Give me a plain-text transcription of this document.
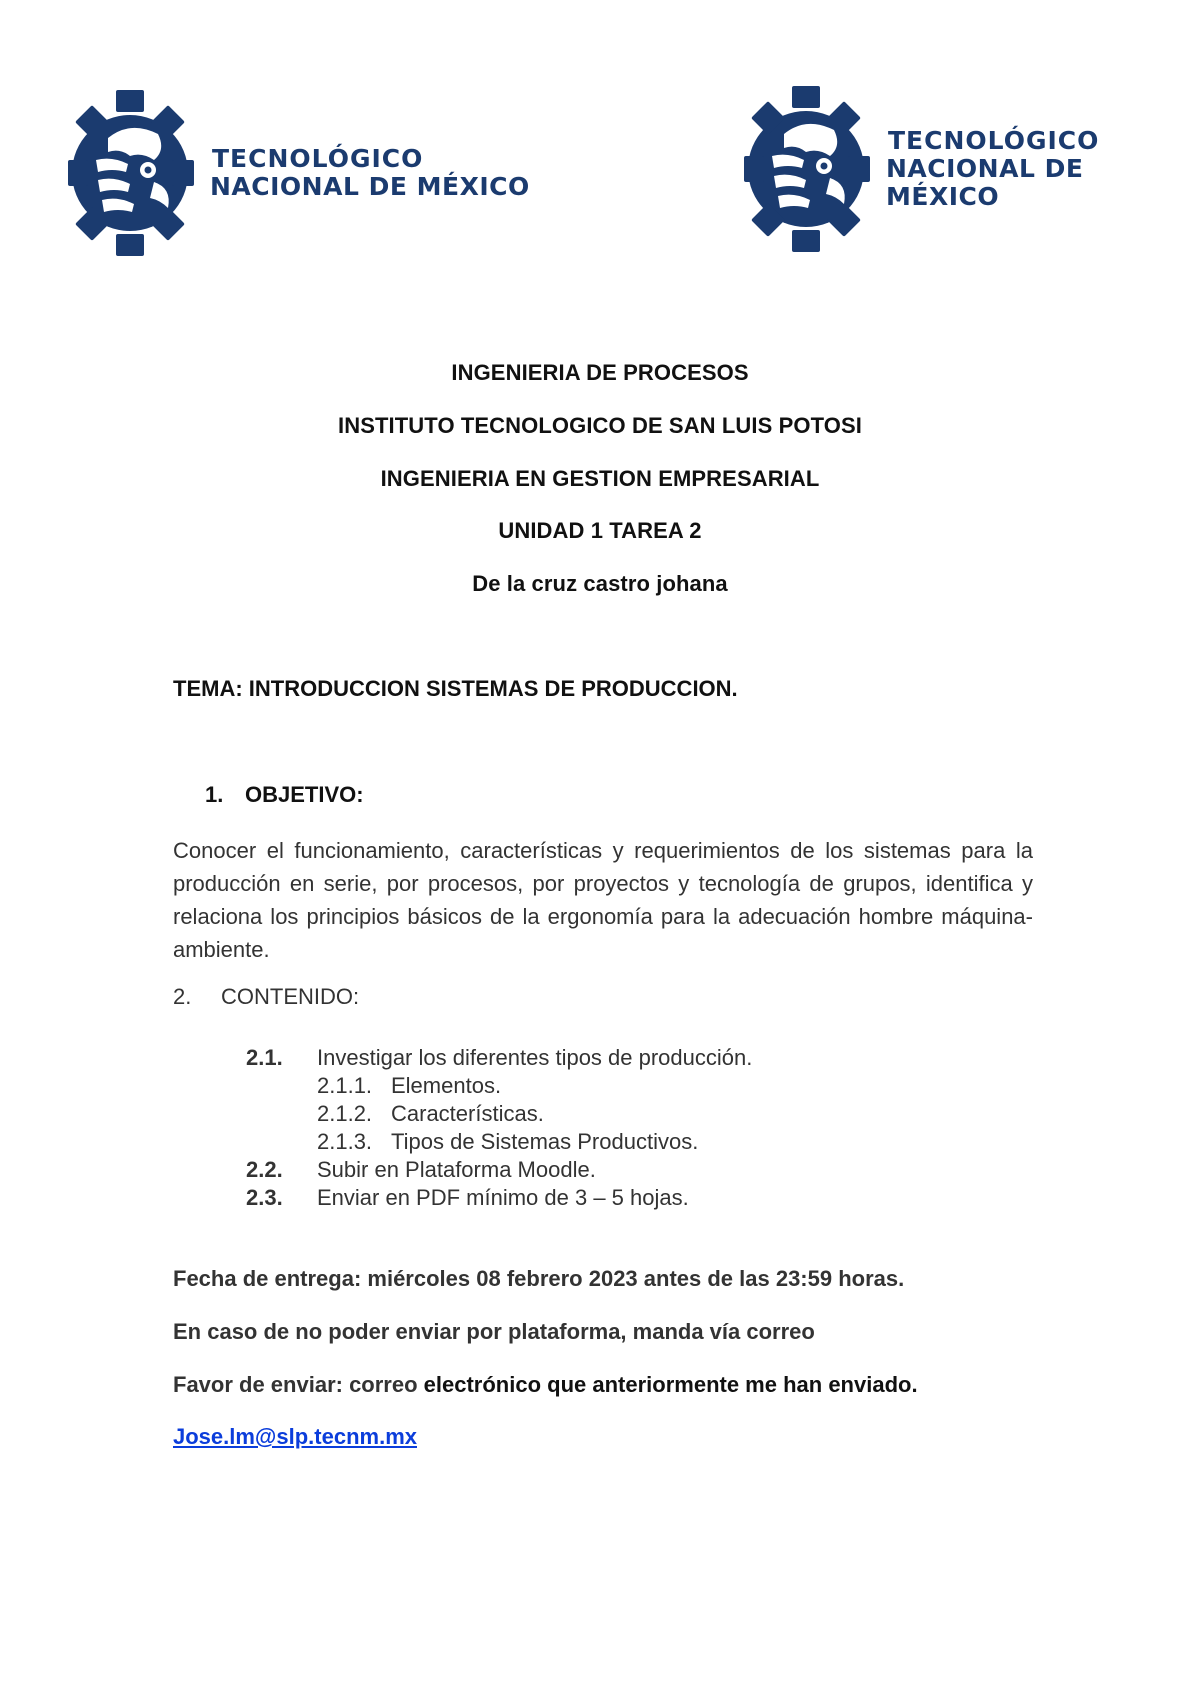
TECNOLÓGICO
NACIONAL DE MÉXICO
TECNOLÓGICO
NACIONAL DE MÉXICO
INGENIERIA DE PROCESOS
INSTITUTO TECNOLOGICO DE SAN LUIS POTOSI
INGENIERIA EN GESTION EMPRESARIAL
UNIDAD 1 TAREA 2
De la cruz castro johana
TEMA: INTRODUCCION SISTEMAS DE PRODUCCION.
1. OBJETIVO:
Conocer el funcionamiento, características y requerimientos de los sistemas para la producción en serie, por procesos, por proyectos y tecnología de grupos, identifica y relaciona los principios básicos de la ergonomía para la adecuación hombre máquina- ambiente.
2. CONTENIDO:
2.1. Investigar los diferentes tipos de producción.
2.1.1. Elementos.
2.1.2. Características.
2.1.3. Tipos de Sistemas Productivos.
2.2. Subir en Plataforma Moodle.
2.3. Enviar en PDF mínimo de 3 – 5 hojas.
Fecha de entrega: miércoles 08 febrero 2023 antes de las 23:59 horas.
En caso de no poder enviar por plataforma, manda vía correo
Favor de enviar: correo electrónico que anteriormente me han enviado.
Jose.lm@slp.tecnm.mx
